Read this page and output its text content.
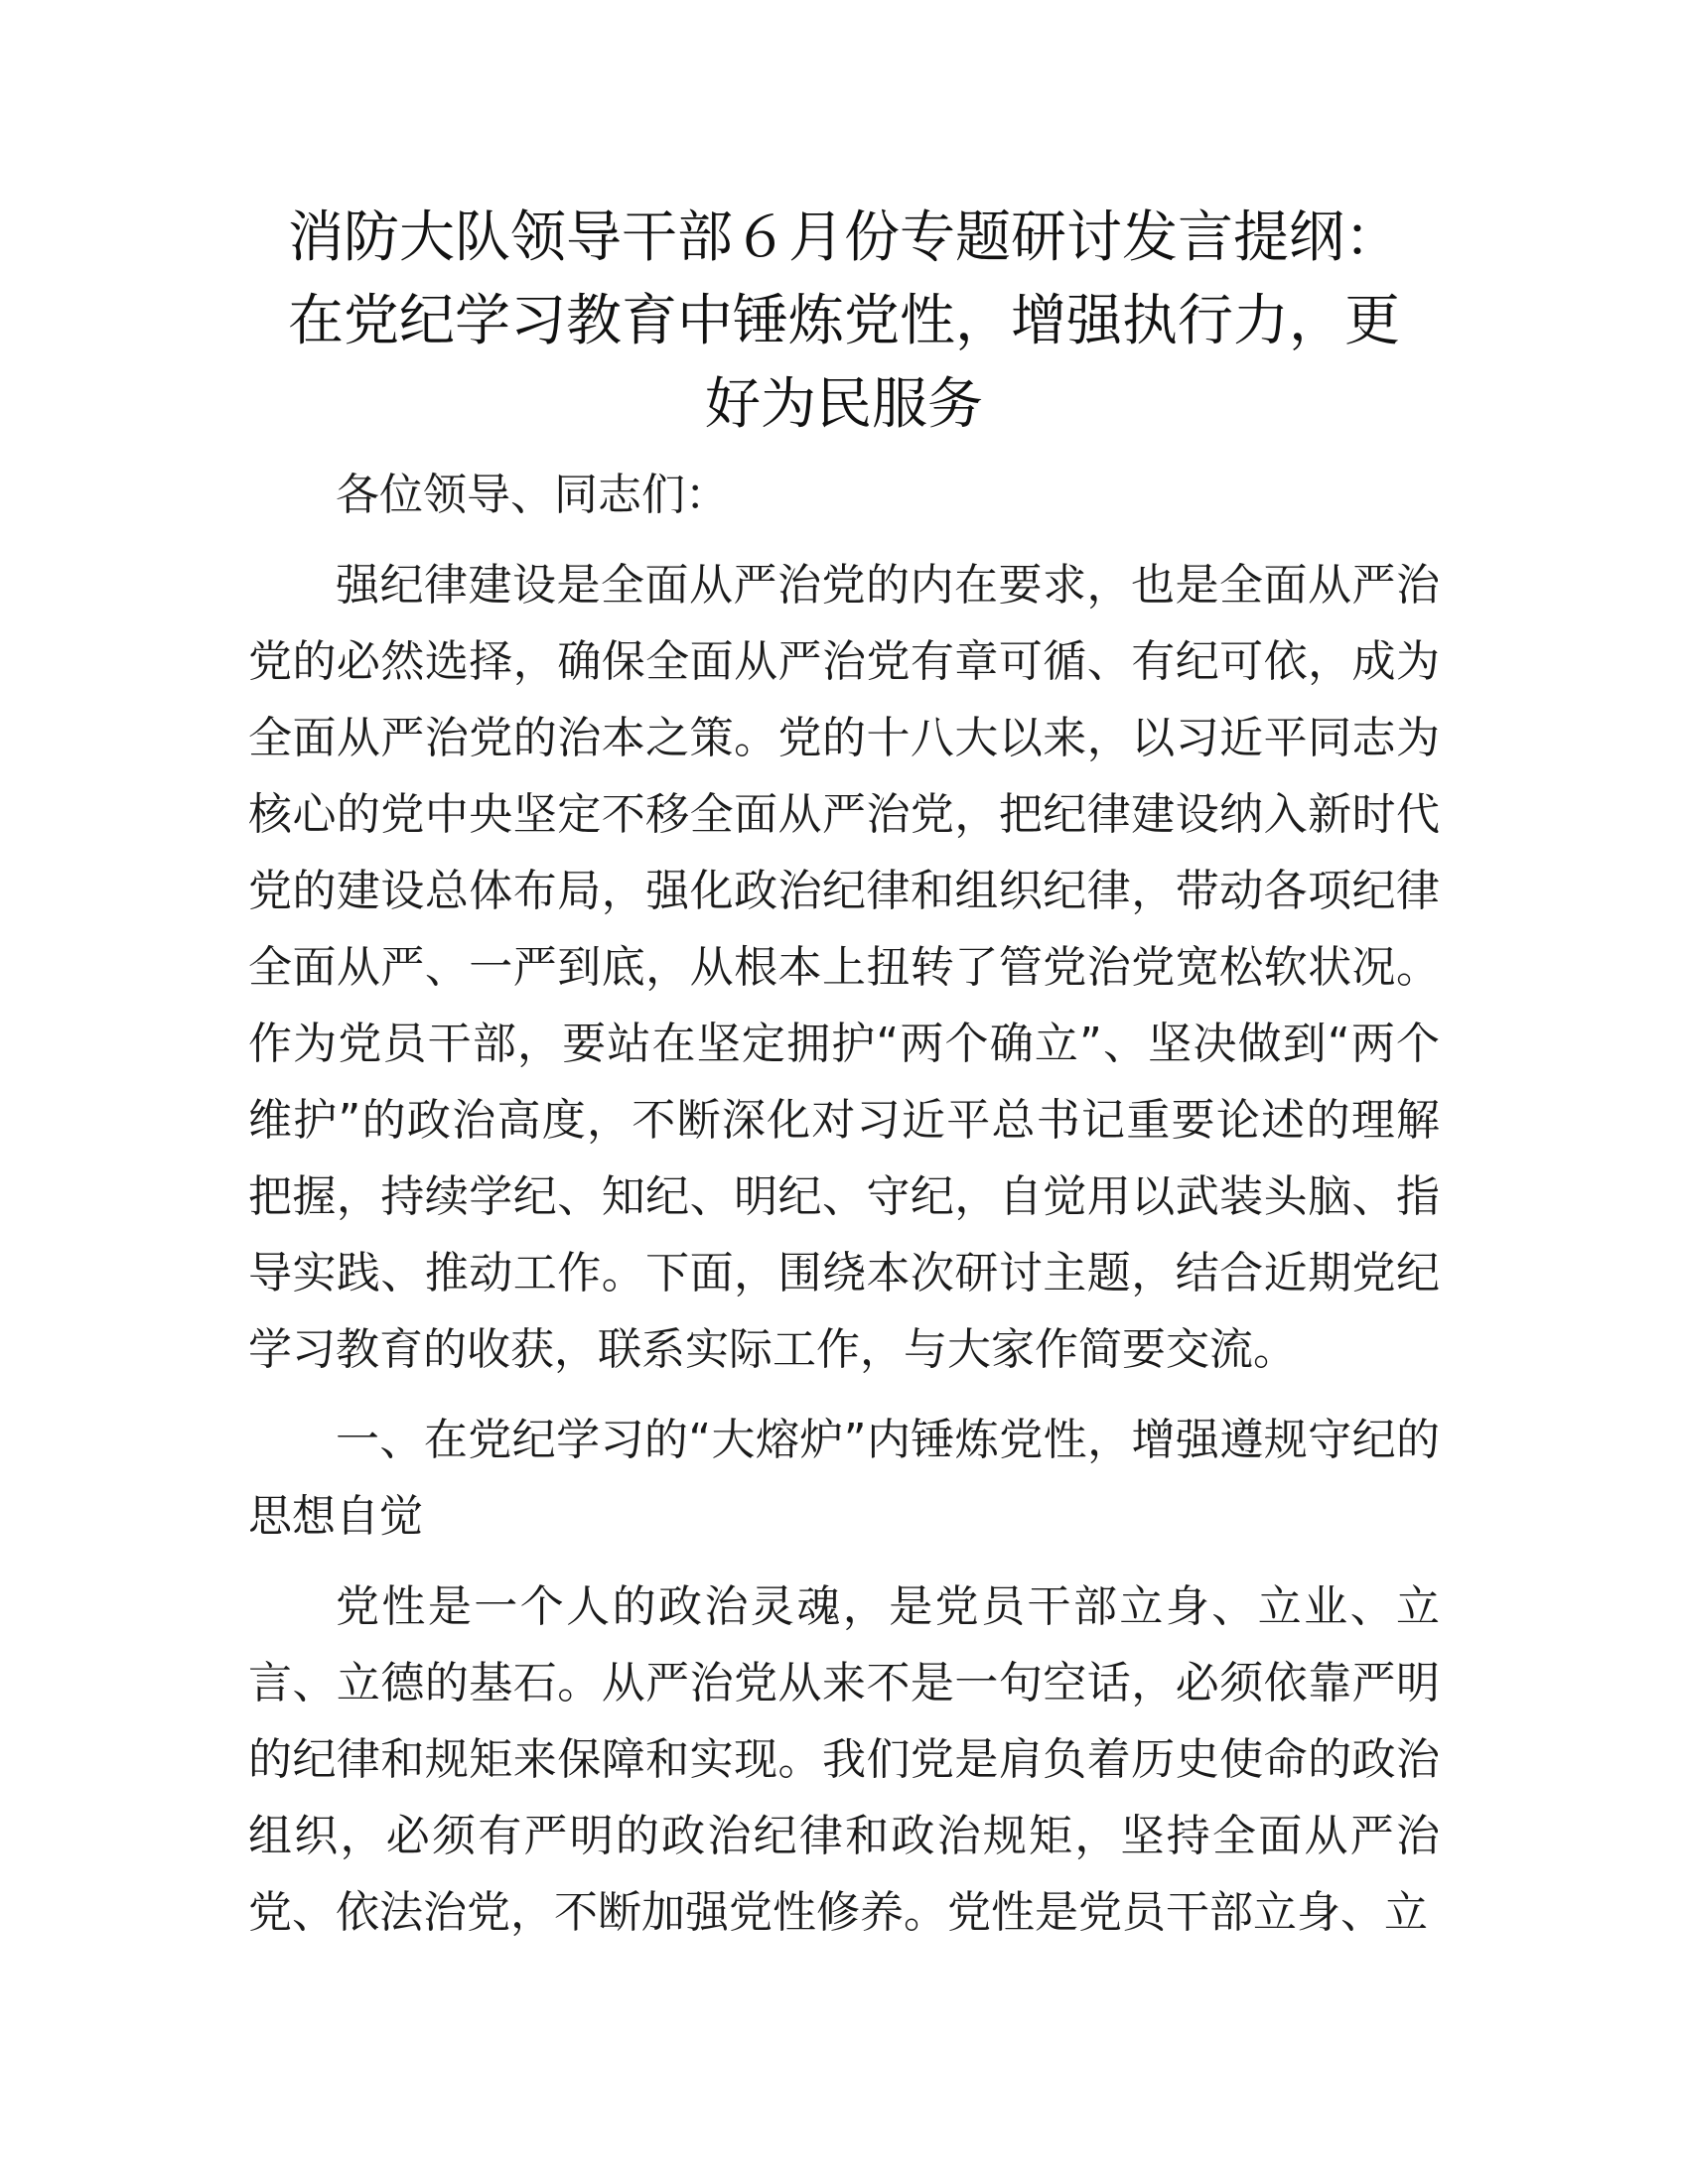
消防大队领导干部６月份专题研讨发言提纲：
在党纪学习教育中锤炼党性，增强执行力，更
好为民服务

各位领导、同志们：

强纪律建设是全面从严治党的内在要求，也是全面从严治党的必然选择，确保全面从严治党有章可循、有纪可依，成为全面从严治党的治本之策。党的十八大以来，以习近平同志为核心的党中央坚定不移全面从严治党，把纪律建设纳入新时代党的建设总体布局，强化政治纪律和组织纪律，带动各项纪律全面从严、一严到底，从根本上扭转了管党治党宽松软状况。作为党员干部，要站在坚定拥护“两个确立”、坚决做到“两个维护”的政治高度，不断深化对习近平总书记重要论述的理解把握，持续学纪、知纪、明纪、守纪，自觉用以武装头脑、指导实践、推动工作。下面，围绕本次研讨主题，结合近期党纪学习教育的收获，联系实际工作，与大家作简要交流。

一、在党纪学习的“大熔炉”内锤炼党性，增强遵规守纪的思想自觉

党性是一个人的政治灵魂，是党员干部立身、立业、立言、立德的基石。从严治党从来不是一句空话，必须依靠严明的纪律和规矩来保障和实现。我们党是肩负着历史使命的政治组织，必须有严明的政治纪律和政治规矩，坚持全面从严治党、依法治党，不断加强党性修养。党性是党员干部立身、立
